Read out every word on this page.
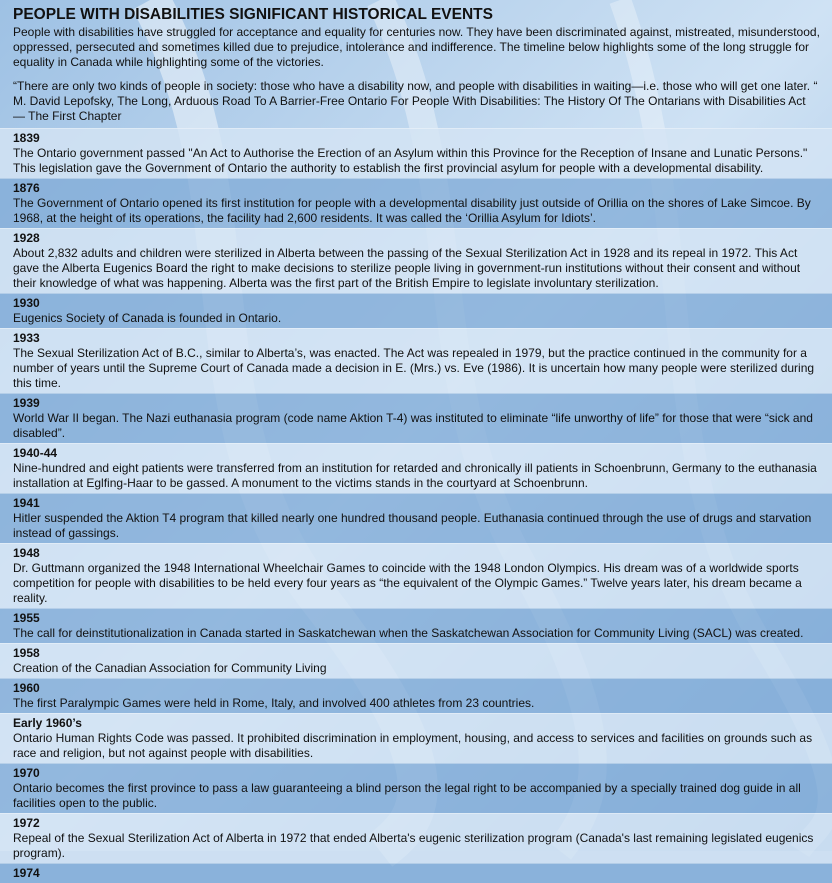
PEOPLE WITH DISABILITIES SIGNIFICANT HISTORICAL EVENTS

People with disabilities have struggled for acceptance and equality for centuries now. They have been discriminated against, mistreated, misunderstood, oppressed, persecuted and sometimes killed due to prejudice, intolerance and indifference. The timeline below highlights some of the long struggle for equality in Canada while highlighting some of the victories.

“There are only two kinds of people in society: those who have a disability now, and people with disabilities in waiting—i.e. those who will get one later. “ M. David Lepofsky, The Long, Arduous Road To A Barrier-Free Ontario For People With Disabilities: The History Of The Ontarians with Disabilities Act — The First Chapter

1839
The Ontario government passed "An Act to Authorise the Erection of an Asylum within this Province for the Reception of Insane and Lunatic Persons." This legislation gave the Government of Ontario the authority to establish the first provincial asylum for people with a developmental disability.
1876
The Government of Ontario opened its first institution for people with a developmental disability just outside of Orillia on the shores of Lake Simcoe. By 1968, at the height of its operations, the facility had 2,600 residents. It was called the ‘Orillia Asylum for Idiots’.
1928
About 2,832 adults and children were sterilized in Alberta between the passing of the Sexual Sterilization Act in 1928 and its repeal in 1972. This Act gave the Alberta Eugenics Board the right to make decisions to sterilize people living in government-run institutions without their consent and without their knowledge of what was happening. Alberta was the first part of the British Empire to legislate involuntary sterilization.
1930
Eugenics Society of Canada is founded in Ontario.
1933
The Sexual Sterilization Act of B.C., similar to Alberta’s, was enacted. The Act was repealed in 1979, but the practice continued in the community for a number of years until the Supreme Court of Canada made a decision in E. (Mrs.) vs. Eve (1986). It is uncertain how many people were sterilized during this time.
1939
World War II began. The Nazi euthanasia program (code name Aktion T-4) was instituted to eliminate “life unworthy of life” for those that were “sick and disabled”.
1940-44
Nine-hundred and eight patients were transferred from an institution for retarded and chronically ill patients in Schoenbrunn, Germany to the euthanasia installation at Eglfing-Haar to be gassed. A monument to the victims stands in the courtyard at Schoenbrunn.
1941
Hitler suspended the Aktion T4 program that killed nearly one hundred thousand people. Euthanasia continued through the use of drugs and starvation instead of gassings.
1948
Dr. Guttmann organized the 1948 International Wheelchair Games to coincide with the 1948 London Olympics. His dream was of a worldwide sports competition for people with disabilities to be held every four years as “the equivalent of the Olympic Games.” Twelve years later, his dream became a reality.
1955
The call for deinstitutionalization in Canada started in Saskatchewan when the Saskatchewan Association for Community Living (SACL) was created.
1958
Creation of the Canadian Association for Community Living
1960
The first Paralympic Games were held in Rome, Italy, and involved 400 athletes from 23 countries.
Early 1960’s
Ontario Human Rights Code was passed. It prohibited discrimination in employment, housing, and access to services and facilities on grounds such as race and religion, but not against people with disabilities.
1970
Ontario becomes the first province to pass a law guaranteeing a blind person the legal right to be accompanied by a specially trained dog guide in all facilities open to the public.
1972
Repeal of the Sexual Sterilization Act of Alberta in 1972 that ended Alberta's eugenic sterilization program (Canada's last remaining legislated eugenics program).
1974
